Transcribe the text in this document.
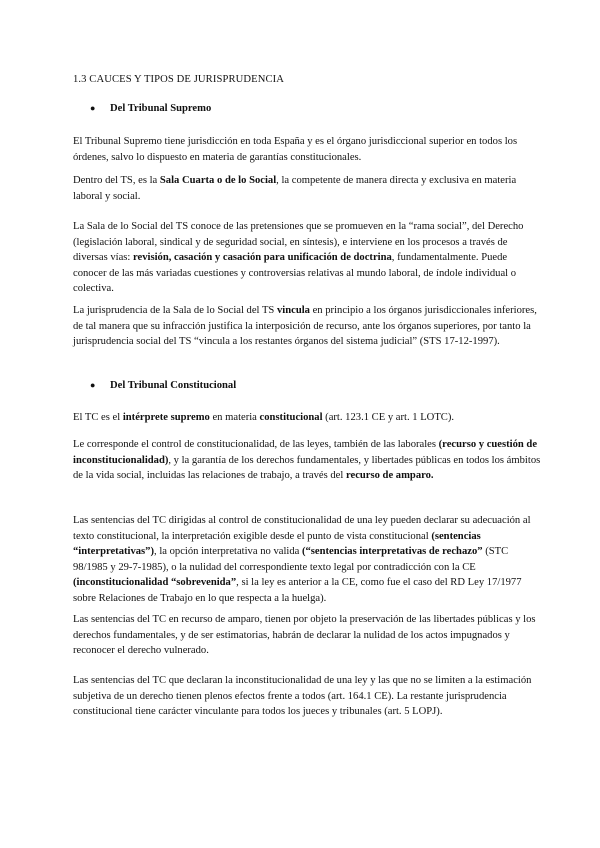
1.3 CAUCES Y TIPOS DE JURISPRUDENCIA
● Del Tribunal Supremo

El Tribunal Supremo tiene jurisdicción en toda España y es el órgano jurisdiccional superior en todos los órdenes, salvo lo dispuesto en materia de garantías constitucionales.

Dentro del TS, es la Sala Cuarta o de lo Social, la competente de manera directa y exclusiva en materia laboral y social.

La Sala de lo Social del TS conoce de las pretensiones que se promueven en la “rama social”, del Derecho (legislación laboral, sindical y de seguridad social, en síntesis), e interviene en los procesos a través de diversas vías: revisión, casación y casación para unificación de doctrina, fundamentalmente. Puede conocer de las más variadas cuestiones y controversias relativas al mundo laboral, de índole individual o colectiva.

La jurisprudencia de la Sala de lo Social del TS vincula en principio a los órganos jurisdiccionales inferiores, de tal manera que su infracción justifica la interposición de recurso, ante los órganos superiores, por tanto la jurisprudencia social del TS “vincula a los restantes órganos del sistema judicial” (STS 17-12-1997).

● Del Tribunal Constitucional

El TC es el intérprete supremo en materia constitucional (art. 123.1 CE y art. 1 LOTC).

Le corresponde el control de constitucionalidad, de las leyes, también de las laborales (recurso y cuestión de inconstitucionalidad), y la garantía de los derechos fundamentales, y libertades públicas en todos los ámbitos de la vida social, incluidas las relaciones de trabajo, a través del recurso de amparo.

Las sentencias del TC dirigidas al control de constitucionalidad de una ley pueden declarar su adecuación al texto constitucional, la interpretación exigible desde el punto de vista constitucional (sentencias “interpretativas”), la opción interpretativa no valida (“sentencias interpretativas de rechazo” (STC 98/1985 y 29-7-1985), o la nulidad del correspondiente texto legal por contradicción con la CE (inconstitucionalidad “sobrevenida”, si la ley es anterior a la CE, como fue el caso del RD Ley 17/1977 sobre Relaciones de Trabajo en lo que respecta a la huelga).

Las sentencias del TC en recurso de amparo, tienen por objeto la preservación de las libertades públicas y los derechos fundamentales, y de ser estimatorias, habrán de declarar la nulidad de los actos impugnados y reconocer el derecho vulnerado.

Las sentencias del TC que declaran la inconstitucionalidad de una ley y las que no se limiten a la estimación subjetiva de un derecho tienen plenos efectos frente a todos (art. 164.1 CE). La restante jurisprudencia constitucional tiene carácter vinculante para todos los jueces y tribunales (art. 5 LOPJ).
